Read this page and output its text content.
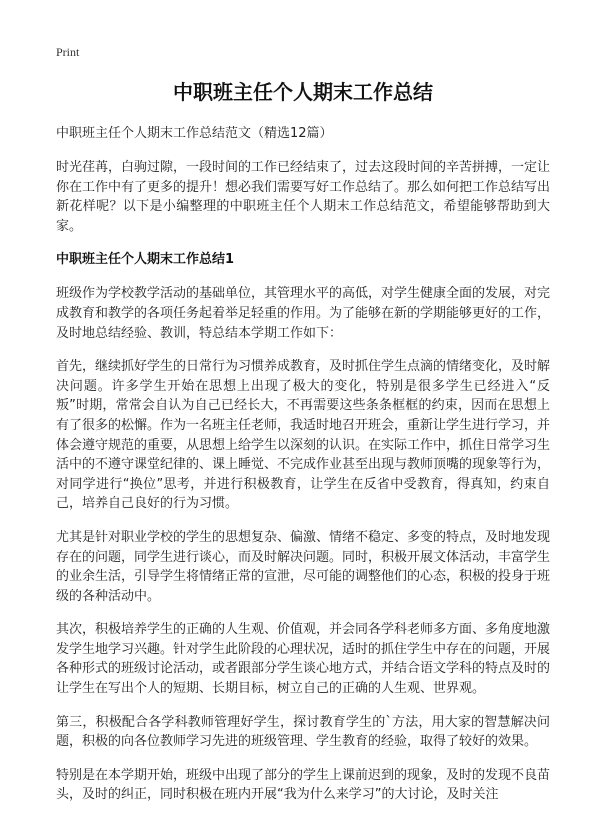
Print
中职班主任个人期末工作总结
中职班主任个人期末工作总结范文（精选12篇）

时光荏苒，白驹过隙，一段时间的工作已经结束了，过去这段时间的辛苦拼搏，一定让你在工作中有了更多的提升！想必我们需要写好工作总结了。那么如何把工作总结写出新花样呢？以下是小编整理的中职班主任个人期末工作总结范文，希望能够帮助到大家。

中职班主任个人期末工作总结1

班级作为学校教学活动的基础单位，其管理水平的高低，对学生健康全面的发展，对完成教育和教学的各项任务起着举足轻重的作用。为了能够在新的学期能够更好的工作，及时地总结经验、教训，特总结本学期工作如下：

首先，继续抓好学生的日常行为习惯养成教育，及时抓住学生点滴的情绪变化，及时解决问题。许多学生开始在思想上出现了极大的变化，特别是很多学生已经进入“反叛”时期，常常会自认为自己已经长大，不再需要这些条条框框的约束，因而在思想上有了很多的松懈。作为一名班主任老师，我适时地召开班会，重新让学生进行学习，并体会遵守规范的重要，从思想上给学生以深刻的认识。在实际工作中，抓住日常学习生活中的不遵守课堂纪律的、课上睡觉、不完成作业甚至出现与教师顶嘴的现象等行为，对同学进行“换位”思考，并进行积极教育，让学生在反省中受教育，得真知，约束自己，培养自己良好的行为习惯。

尤其是针对职业学校的学生的思想复杂、偏激、情绪不稳定、多变的特点，及时地发现存在的问题，同学生进行谈心，而及时解决问题。同时，积极开展文体活动，丰富学生的业余生活，引导学生将情绪正常的宣泄，尽可能的调整他们的心态，积极的投身于班级的各种活动中。

其次，积极培养学生的正确的人生观、价值观，并会同各学科老师多方面、多角度地激发学生地学习兴趣。针对学生此阶段的心理状况，适时的抓住学生中存在的问题，开展各种形式的班级讨论活动，或者跟部分学生谈心地方式，并结合语文学科的特点及时的让学生在写出个人的短期、长期目标，树立自己的正确的人生观、世界观。

第三，积极配合各学科教师管理好学生，探讨教育学生的`方法，用大家的智慧解决问题，积极的向各位教师学习先进的班级管理、学生教育的经验，取得了较好的效果。

特别是在本学期开始，班级中出现了部分的学生上课前迟到的现象，及时的发现不良苗头，及时的纠正，同时积极在班内开展“我为什么来学习”的大讨论，及时关注
